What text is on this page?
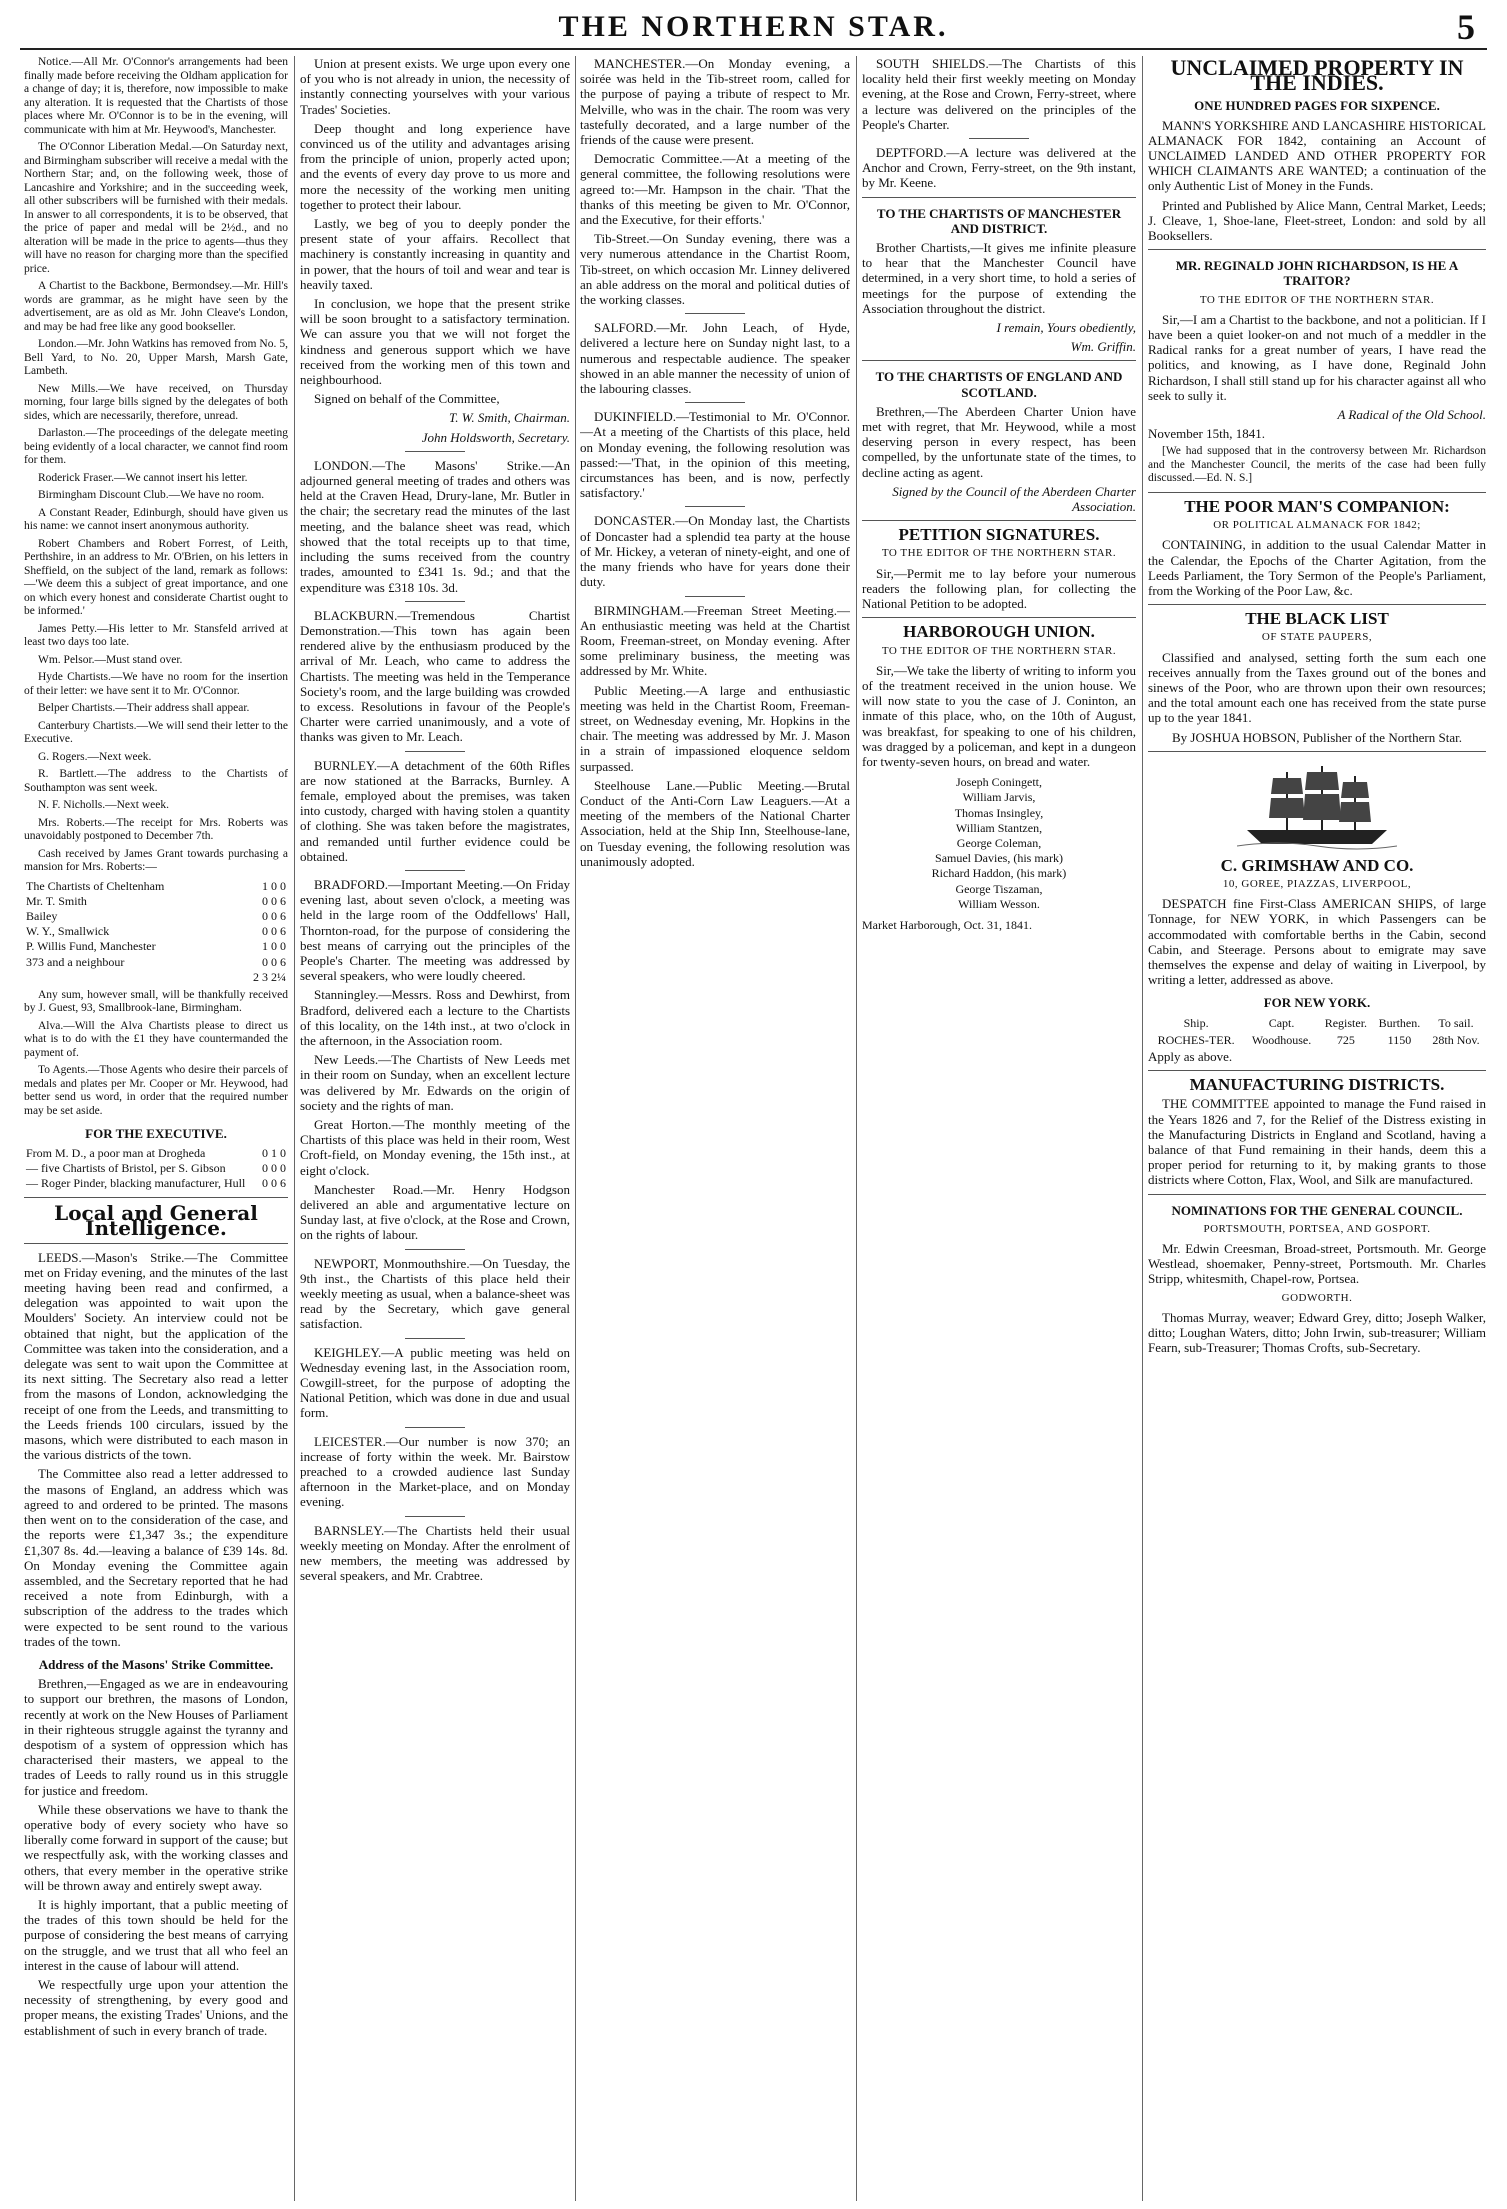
THE NORTHERN STAR.	5

Notice.—All Mr. O'Connor's arrangements had been finally made before receiving the Oldham application for a change of day; it is, therefore, now impossible to make any alteration. It is requested that the Chartists of those places where Mr. O'Connor is to be in the evening, will communicate with him at Mr. Heywood's, Manchester.

The O'Connor Liberation Medal.—On Saturday next, and Birmingham subscriber will receive a medal with the Northern Star; and, on the following week, those of Lancashire and Yorkshire; and in the succeeding week, all other subscribers will be furnished with their medals. In answer to all correspondents, it is to be observed, that the price of paper and medal will be 2½d., and no alteration will be made in the price to agents—thus they will have no reason for charging more than the specified price.

A Chartist to the Backbone, Bermondsey.—Mr. Hill's words are grammar, as he might have seen by the advertisement, are as old as Mr. John Cleave's London, and may be had free like any good bookseller.

London.—Mr. John Watkins has removed from No. 5, Bell Yard, to No. 20, Upper Marsh, Marsh Gate, Lambeth.

New Mills.—We have received, on Thursday morning, four large bills signed by the delegates of both sides, which are necessarily, therefore, unread.

Darlaston.—The proceedings of the delegate meeting being evidently of a local character, we cannot find room for them.

Roderick Fraser.—We cannot insert his letter.

Birmingham Discount Club.—We have no room.

A Constant Reader, Edinburgh, should have given us his name: we cannot insert anonymous authority.

Robert Chambers and Robert Forrest, of Leith, Perthshire, in an address to Mr. O'Brien, on his letters in Sheffield, on the subject of the land, remark as follows:—'We deem this a subject of great importance, and one on which every honest and considerate Chartist ought to be informed.'

James Petty.—His letter to Mr. Stansfeld arrived at least two days too late.

Wm. Pelsor.—Must stand over.

Hyde Chartists.—We have no room for the insertion of their letter: we have sent it to Mr. O'Connor.

Belper Chartists.—Their address shall appear.

Canterbury Chartists.—We will send their letter to the Executive.

G. Rogers.—Next week.

R. Bartlett.—The address to the Chartists of Southampton was sent week.

N. F. Nicholls.—Next week.

Mrs. Roberts.—The receipt for Mrs. Roberts was unavoidably postponed to December 7th.

Cash received by James Grant towards purchasing a mansion for Mrs. Roberts:—

The Chartists of Cheltenham	1 0 0
Mr. T. Smith	0 0 6
Bailey	0 0 6
W. Y., Smallwick	0 0 6
P. Willis Fund, Manchester	1 0 0
373 and a neighbour	0 0 6
	2 3 2¼

Any sum, however small, will be thankfully received by J. Guest, 93, Smallbrook-lane, Birmingham.

Alva.—Will the Alva Chartists please to direct us what is to do with the £1 they have countermanded the payment of.

To Agents.—Those Agents who desire their parcels of medals and plates per Mr. Cooper or Mr. Heywood, had better send us word, in order that the required number may be set aside.

FOR THE EXECUTIVE.
From M. D., a poor man at Drogheda	0 1 0
— five Chartists of Bristol, per S. Gibson	0 0 0
— Roger Pinder, blacking manufacturer, Hull	0 0 6
Local and General Intelligence.

LEEDS.—Mason's Strike.—The Committee met on Friday evening, and the minutes of the last meeting having been read and confirmed, a delegation was appointed to wait upon the Moulders' Society. An interview could not be obtained that night, but the application of the Committee was taken into the consideration, and a delegate was sent to wait upon the Committee at its next sitting. The Secretary also read a letter from the masons of London, acknowledging the receipt of one from the Leeds, and transmitting to the Leeds friends 100 circulars, issued by the masons, which were distributed to each mason in the various districts of the town.

The Committee also read a letter addressed to the masons of England, an address which was agreed to and ordered to be printed. The masons then went on to the consideration of the case, and the reports were £1,347 3s.; the expenditure £1,307 8s. 4d.—leaving a balance of £39 14s. 8d. On Monday evening the Committee again assembled, and the Secretary reported that he had received a note from Edinburgh, with a subscription of the address to the trades which were expected to be sent round to the various trades of the town.

Address of the Masons' Strike Committee.

Brethren,—Engaged as we are in endeavouring to support our brethren, the masons of London, recently at work on the New Houses of Parliament in their righteous struggle against the tyranny and despotism of a system of oppression which has characterised their masters, we appeal to the trades of Leeds to rally round us in this struggle for justice and freedom.

While these observations we have to thank the operative body of every society who have so liberally come forward in support of the cause; but we respectfully ask, with the working classes and others, that every member in the operative strike will be thrown away and entirely swept away.

It is highly important, that a public meeting of the trades of this town should be held for the purpose of considering the best means of carrying on the struggle, and we trust that all who feel an interest in the cause of labour will attend.

We respectfully urge upon your attention the necessity of strengthening, by every good and proper means, the existing Trades' Unions, and the establishment of such in every branch of trade.

Union at present exists. We urge upon every one of you who is not already in union, the necessity of instantly connecting yourselves with your various Trades' Societies.

Deep thought and long experience have convinced us of the utility and advantages arising from the principle of union, properly acted upon; and the events of every day prove to us more and more the necessity of the working men uniting together to protect their labour.

Lastly, we beg of you to deeply ponder the present state of your affairs. Recollect that machinery is constantly increasing in quantity and in power, that the hours of toil and wear and tear is heavily taxed.

In conclusion, we hope that the present strike will be soon brought to a satisfactory termination. We can assure you that we will not forget the kindness and generous support which we have received from the working men of this town and neighbourhood.

Signed on behalf of the Committee,

T. W. Smith, Chairman.

John Holdsworth, Secretary.

LONDON.—The Masons' Strike.—An adjourned general meeting of trades and others was held at the Craven Head, Drury-lane, Mr. Butler in the chair; the secretary read the minutes of the last meeting, and the balance sheet was read, which showed that the total receipts up to that time, including the sums received from the country trades, amounted to £341 1s. 9d.; and that the expenditure was £318 10s. 3d.

BLACKBURN.—Tremendous Chartist Demonstration.—This town has again been rendered alive by the enthusiasm produced by the arrival of Mr. Leach, who came to address the Chartists. The meeting was held in the Temperance Society's room, and the large building was crowded to excess. Resolutions in favour of the People's Charter were carried unanimously, and a vote of thanks was given to Mr. Leach.

BURNLEY.—A detachment of the 60th Rifles are now stationed at the Barracks, Burnley. A female, employed about the premises, was taken into custody, charged with having stolen a quantity of clothing. She was taken before the magistrates, and remanded until further evidence could be obtained.

BRADFORD.—Important Meeting.—On Friday evening last, about seven o'clock, a meeting was held in the large room of the Oddfellows' Hall, Thornton-road, for the purpose of considering the best means of carrying out the principles of the People's Charter. The meeting was addressed by several speakers, who were loudly cheered.

Stanningley.—Messrs. Ross and Dewhirst, from Bradford, delivered each a lecture to the Chartists of this locality, on the 14th inst., at two o'clock in the afternoon, in the Association room.

New Leeds.—The Chartists of New Leeds met in their room on Sunday, when an excellent lecture was delivered by Mr. Edwards on the origin of society and the rights of man.

Great Horton.—The monthly meeting of the Chartists of this place was held in their room, West Croft-field, on Monday evening, the 15th inst., at eight o'clock.

Manchester Road.—Mr. Henry Hodgson delivered an able and argumentative lecture on Sunday last, at five o'clock, at the Rose and Crown, on the rights of labour.

NEWPORT, Monmouthshire.—On Tuesday, the 9th inst., the Chartists of this place held their weekly meeting as usual, when a balance-sheet was read by the Secretary, which gave general satisfaction.

KEIGHLEY.—A public meeting was held on Wednesday evening last, in the Association room, Cowgill-street, for the purpose of adopting the National Petition, which was done in due and usual form.

LEICESTER.—Our number is now 370; an increase of forty within the week. Mr. Bairstow preached to a crowded audience last Sunday afternoon in the Market-place, and on Monday evening.

BARNSLEY.—The Chartists held their usual weekly meeting on Monday. After the enrolment of new members, the meeting was addressed by several speakers, and Mr. Crabtree.

MANCHESTER.—On Monday evening, a soirée was held in the Tib-street room, called for the purpose of paying a tribute of respect to Mr. Melville, who was in the chair. The room was very tastefully decorated, and a large number of the friends of the cause were present.

Democratic Committee.—At a meeting of the general committee, the following resolutions were agreed to:—Mr. Hampson in the chair. 'That the thanks of this meeting be given to Mr. O'Connor, and the Executive, for their efforts.'

Tib-Street.—On Sunday evening, there was a very numerous attendance in the Chartist Room, Tib-street, on which occasion Mr. Linney delivered an able address on the moral and political duties of the working classes.

SALFORD.—Mr. John Leach, of Hyde, delivered a lecture here on Sunday night last, to a numerous and respectable audience. The speaker showed in an able manner the necessity of union of the labouring classes.

DUKINFIELD.—Testimonial to Mr. O'Connor.—At a meeting of the Chartists of this place, held on Monday evening, the following resolution was passed:—'That, in the opinion of this meeting, circumstances has been, and is now, perfectly satisfactory.'

DONCASTER.—On Monday last, the Chartists of Doncaster had a splendid tea party at the house of Mr. Hickey, a veteran of ninety-eight, and one of the many friends who have for years done their duty.

BIRMINGHAM.—Freeman Street Meeting.—An enthusiastic meeting was held at the Chartist Room, Freeman-street, on Monday evening. After some preliminary business, the meeting was addressed by Mr. White.

Public Meeting.—A large and enthusiastic meeting was held in the Chartist Room, Freeman-street, on Wednesday evening, Mr. Hopkins in the chair. The meeting was addressed by Mr. J. Mason in a strain of impassioned eloquence seldom surpassed.

Steelhouse Lane.—Public Meeting.—Brutal Conduct of the Anti-Corn Law Leaguers.—At a meeting of the members of the National Charter Association, held at the Ship Inn, Steelhouse-lane, on Tuesday evening, the following resolution was unanimously adopted.

SOUTH SHIELDS.—The Chartists of this locality held their first weekly meeting on Monday evening, at the Rose and Crown, Ferry-street, where a lecture was delivered on the principles of the People's Charter.

DEPTFORD.—A lecture was delivered at the Anchor and Crown, Ferry-street, on the 9th instant, by Mr. Keene.

TO THE CHARTISTS OF MANCHESTER AND DISTRICT.

Brother Chartists,—It gives me infinite pleasure to hear that the Manchester Council have determined, in a very short time, to hold a series of meetings for the purpose of extending the Association throughout the district.

I remain, Yours obediently,

Wm. Griffin.

TO THE CHARTISTS OF ENGLAND AND SCOTLAND.

Brethren,—The Aberdeen Charter Union have met with regret, that Mr. Heywood, while a most deserving person in every respect, has been compelled, by the unfortunate state of the times, to decline acting as agent.

Signed by the Council of the Aberdeen Charter Association.

PETITION SIGNATURES.
TO THE EDITOR OF THE NORTHERN STAR.

Sir,—Permit me to lay before your numerous readers the following plan, for collecting the National Petition to be adopted.

HARBOROUGH UNION.
TO THE EDITOR OF THE NORTHERN STAR.

Sir,—We take the liberty of writing to inform you of the treatment received in the union house. We will now state to you the case of J. Coninton, an inmate of this place, who, on the 10th of August, was breakfast, for speaking to one of his children, was dragged by a policeman, and kept in a dungeon for twenty-seven hours, on bread and water.

Joseph Coningett,
William Jarvis,
Thomas Insingley,
William Stantzen,
George Coleman,
Samuel Davies, (his mark)
Richard Haddon, (his mark)
George Tiszaman,
William Wesson.

Market Harborough, Oct. 31, 1841.

UNCLAIMED PROPERTY IN THE INDIES.
ONE HUNDRED PAGES FOR SIXPENCE.

MANN'S YORKSHIRE AND LANCASHIRE HISTORICAL ALMANACK FOR 1842, containing an Account of UNCLAIMED LANDED AND OTHER PROPERTY FOR WHICH CLAIMANTS ARE WANTED; a continuation of the only Authentic List of Money in the Funds.

Printed and Published by Alice Mann, Central Market, Leeds; J. Cleave, 1, Shoe-lane, Fleet-street, London: and sold by all Booksellers.

MR. REGINALD JOHN RICHARDSON, IS HE A TRAITOR?
TO THE EDITOR OF THE NORTHERN STAR.

Sir,—I am a Chartist to the backbone, and not a politician. If I have been a quiet looker-on and not much of a meddler in the Radical ranks for a great number of years, I have read the politics, and knowing, as I have done, Reginald John Richardson, I shall still stand up for his character against all who seek to sully it.

A Radical of the Old School.

November 15th, 1841.

[We had supposed that in the controversy between Mr. Richardson and the Manchester Council, the merits of the case had been fully discussed.—Ed. N. S.]

THE POOR MAN'S COMPANION:
OR POLITICAL ALMANACK FOR 1842;

CONTAINING, in addition to the usual Calendar Matter in the Calendar, the Epochs of the Charter Agitation, from the Leeds Parliament, the Tory Sermon of the People's Parliament, from the Working of the Poor Law, &c.

THE BLACK LIST
OF STATE PAUPERS,

Classified and analysed, setting forth the sum each one receives annually from the Taxes ground out of the bones and sinews of the Poor, who are thrown upon their own resources; and the total amount each one has received from the state purse up to the year 1841.

By JOSHUA HOBSON, Publisher of the Northern Star.

C. GRIMSHAW AND CO.
10, GOREE, PIAZZAS, LIVERPOOL,

DESPATCH fine First-Class AMERICAN SHIPS, of large Tonnage, for NEW YORK, in which Passengers can be accommodated with comfortable berths in the Cabin, second Cabin, and Steerage. Persons about to emigrate may save themselves the expense and delay of waiting in Liverpool, by writing a letter, addressed as above.

FOR NEW YORK.
Ship.	Capt.	Register.	Burthen.	To sail.
ROCHES-TER.	Woodhouse.	725	1150	28th Nov.

Apply as above.

MANUFACTURING DISTRICTS.

THE COMMITTEE appointed to manage the Fund raised in the Years 1826 and 7, for the Relief of the Distress existing in the Manufacturing Districts in England and Scotland, having a balance of that Fund remaining in their hands, deem this a proper period for returning to it, by making grants to those districts where Cotton, Flax, Wool, and Silk are manufactured.

NOMINATIONS FOR THE GENERAL COUNCIL.
PORTSMOUTH, PORTSEA, AND GOSPORT.

Mr. Edwin Creesman, Broad-street, Portsmouth. Mr. George Westlead, shoemaker, Penny-street, Portsmouth. Mr. Charles Stripp, whitesmith, Chapel-row, Portsea.

GODWORTH.

Thomas Murray, weaver; Edward Grey, ditto; Joseph Walker, ditto; Loughan Waters, ditto; John Irwin, sub-treasurer; William Fearn, sub-Treasurer; Thomas Crofts, sub-Secretary.
